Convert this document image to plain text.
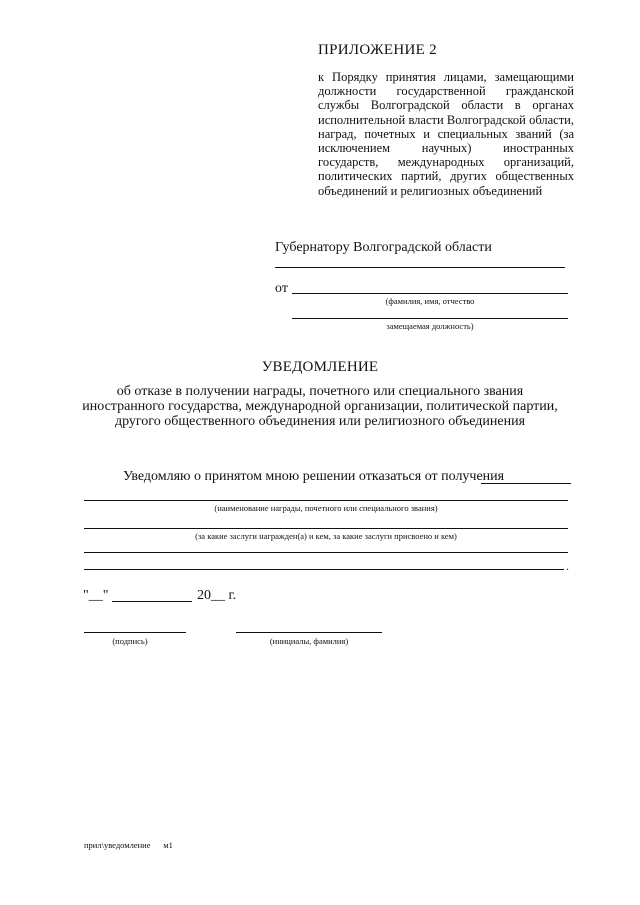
ПРИЛОЖЕНИЕ 2
к Порядку принятия лицами, замещающими должности государственной гражданской службы Волгоградской области в органах исполнительной власти Волгоградской области, наград, почетных и специальных званий (за исключением научных) иностранных государств, международных организаций, политических партий, других общественных объединений и религиозных объединений
Губернатору Волгоградской области
от
(фамилия, имя, отчество
замещаемая должность)
УВЕДОМЛЕНИЕ
об отказе в получении награды, почетного или специального звания иностранного государства, международной организации, политической партии, другого общественного объединения или религиозного объединения
Уведомляю о принятом мною решении отказаться от получения
(наименование награды, почетного или специального звания)
(за какие заслуги награжден(а) и кем, за какие заслуги присвоено и кем)
.
"__"	20__ г.
(подпись)	(инициалы, фамилия)
прил\уведомление      м1
